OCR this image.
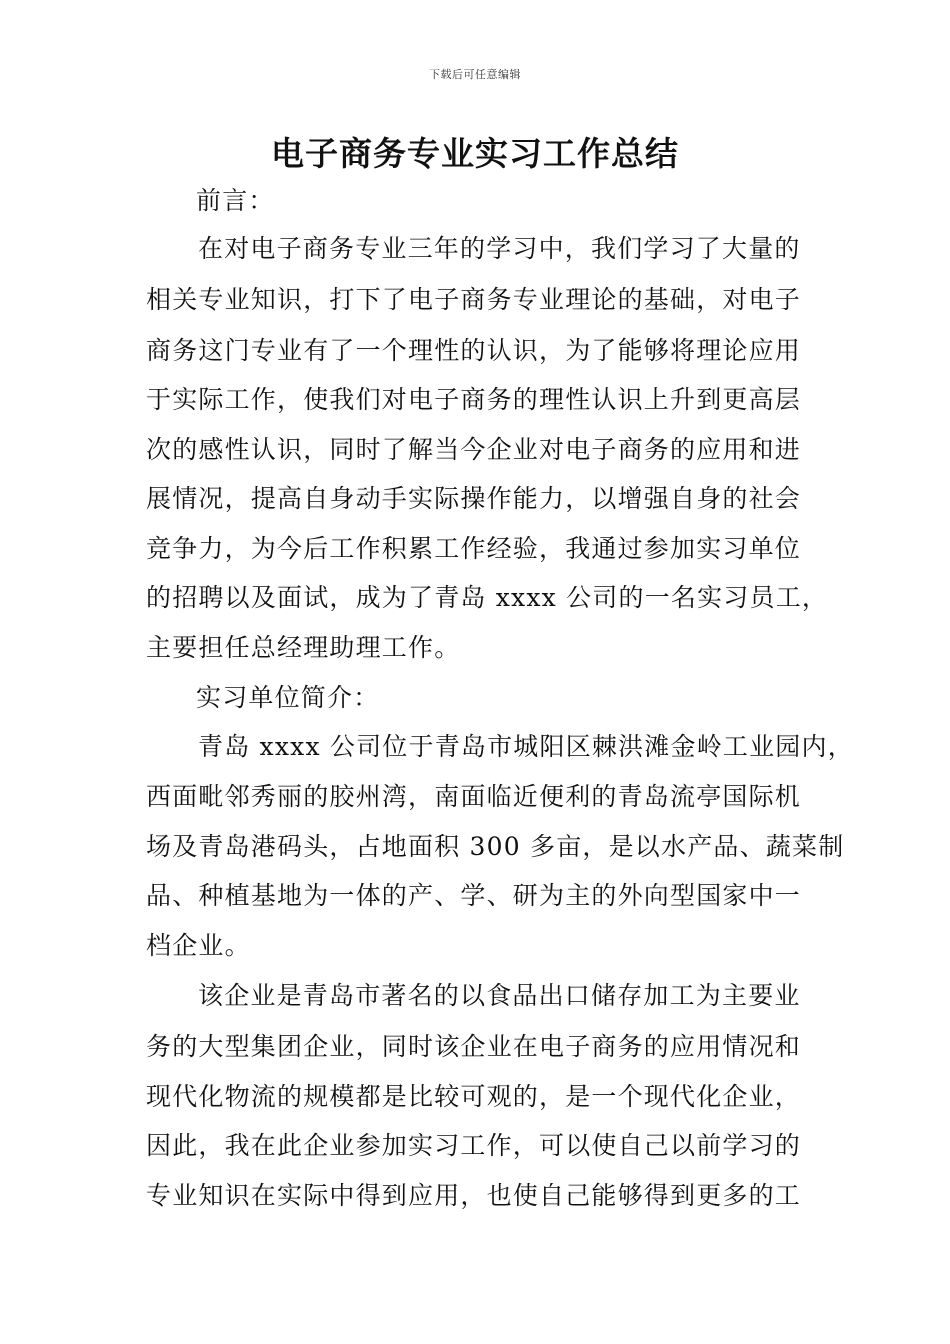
下载后可任意编辑
电子商务专业实习工作总结
前言：
在对电子商务专业三年的学习中，我们学习了大量的
相关专业知识，打下了电子商务专业理论的基础，对电子
商务这门专业有了一个理性的认识，为了能够将理论应用
于实际工作，使我们对电子商务的理性认识上升到更高层
次的感性认识，同时了解当今企业对电子商务的应用和进
展情况，提高自身动手实际操作能力，以增强自身的社会
竞争力，为今后工作积累工作经验，我通过参加实习单位
的招聘以及面试，成为了青岛 xxxx 公司的一名实习员工，
主要担任总经理助理工作。
实习单位简介：
青岛 xxxx 公司位于青岛市城阳区棘洪滩金岭工业园内，
西面毗邻秀丽的胶州湾，南面临近便利的青岛流亭国际机
场及青岛港码头，占地面积 300 多亩，是以水产品、蔬菜制
品、种植基地为一体的产、学、研为主的外向型国家中一
档企业。
该企业是青岛市著名的以食品出口储存加工为主要业
务的大型集团企业，同时该企业在电子商务的应用情况和
现代化物流的规模都是比较可观的，是一个现代化企业，
因此，我在此企业参加实习工作，可以使自己以前学习的
专业知识在实际中得到应用，也使自己能够得到更多的工
